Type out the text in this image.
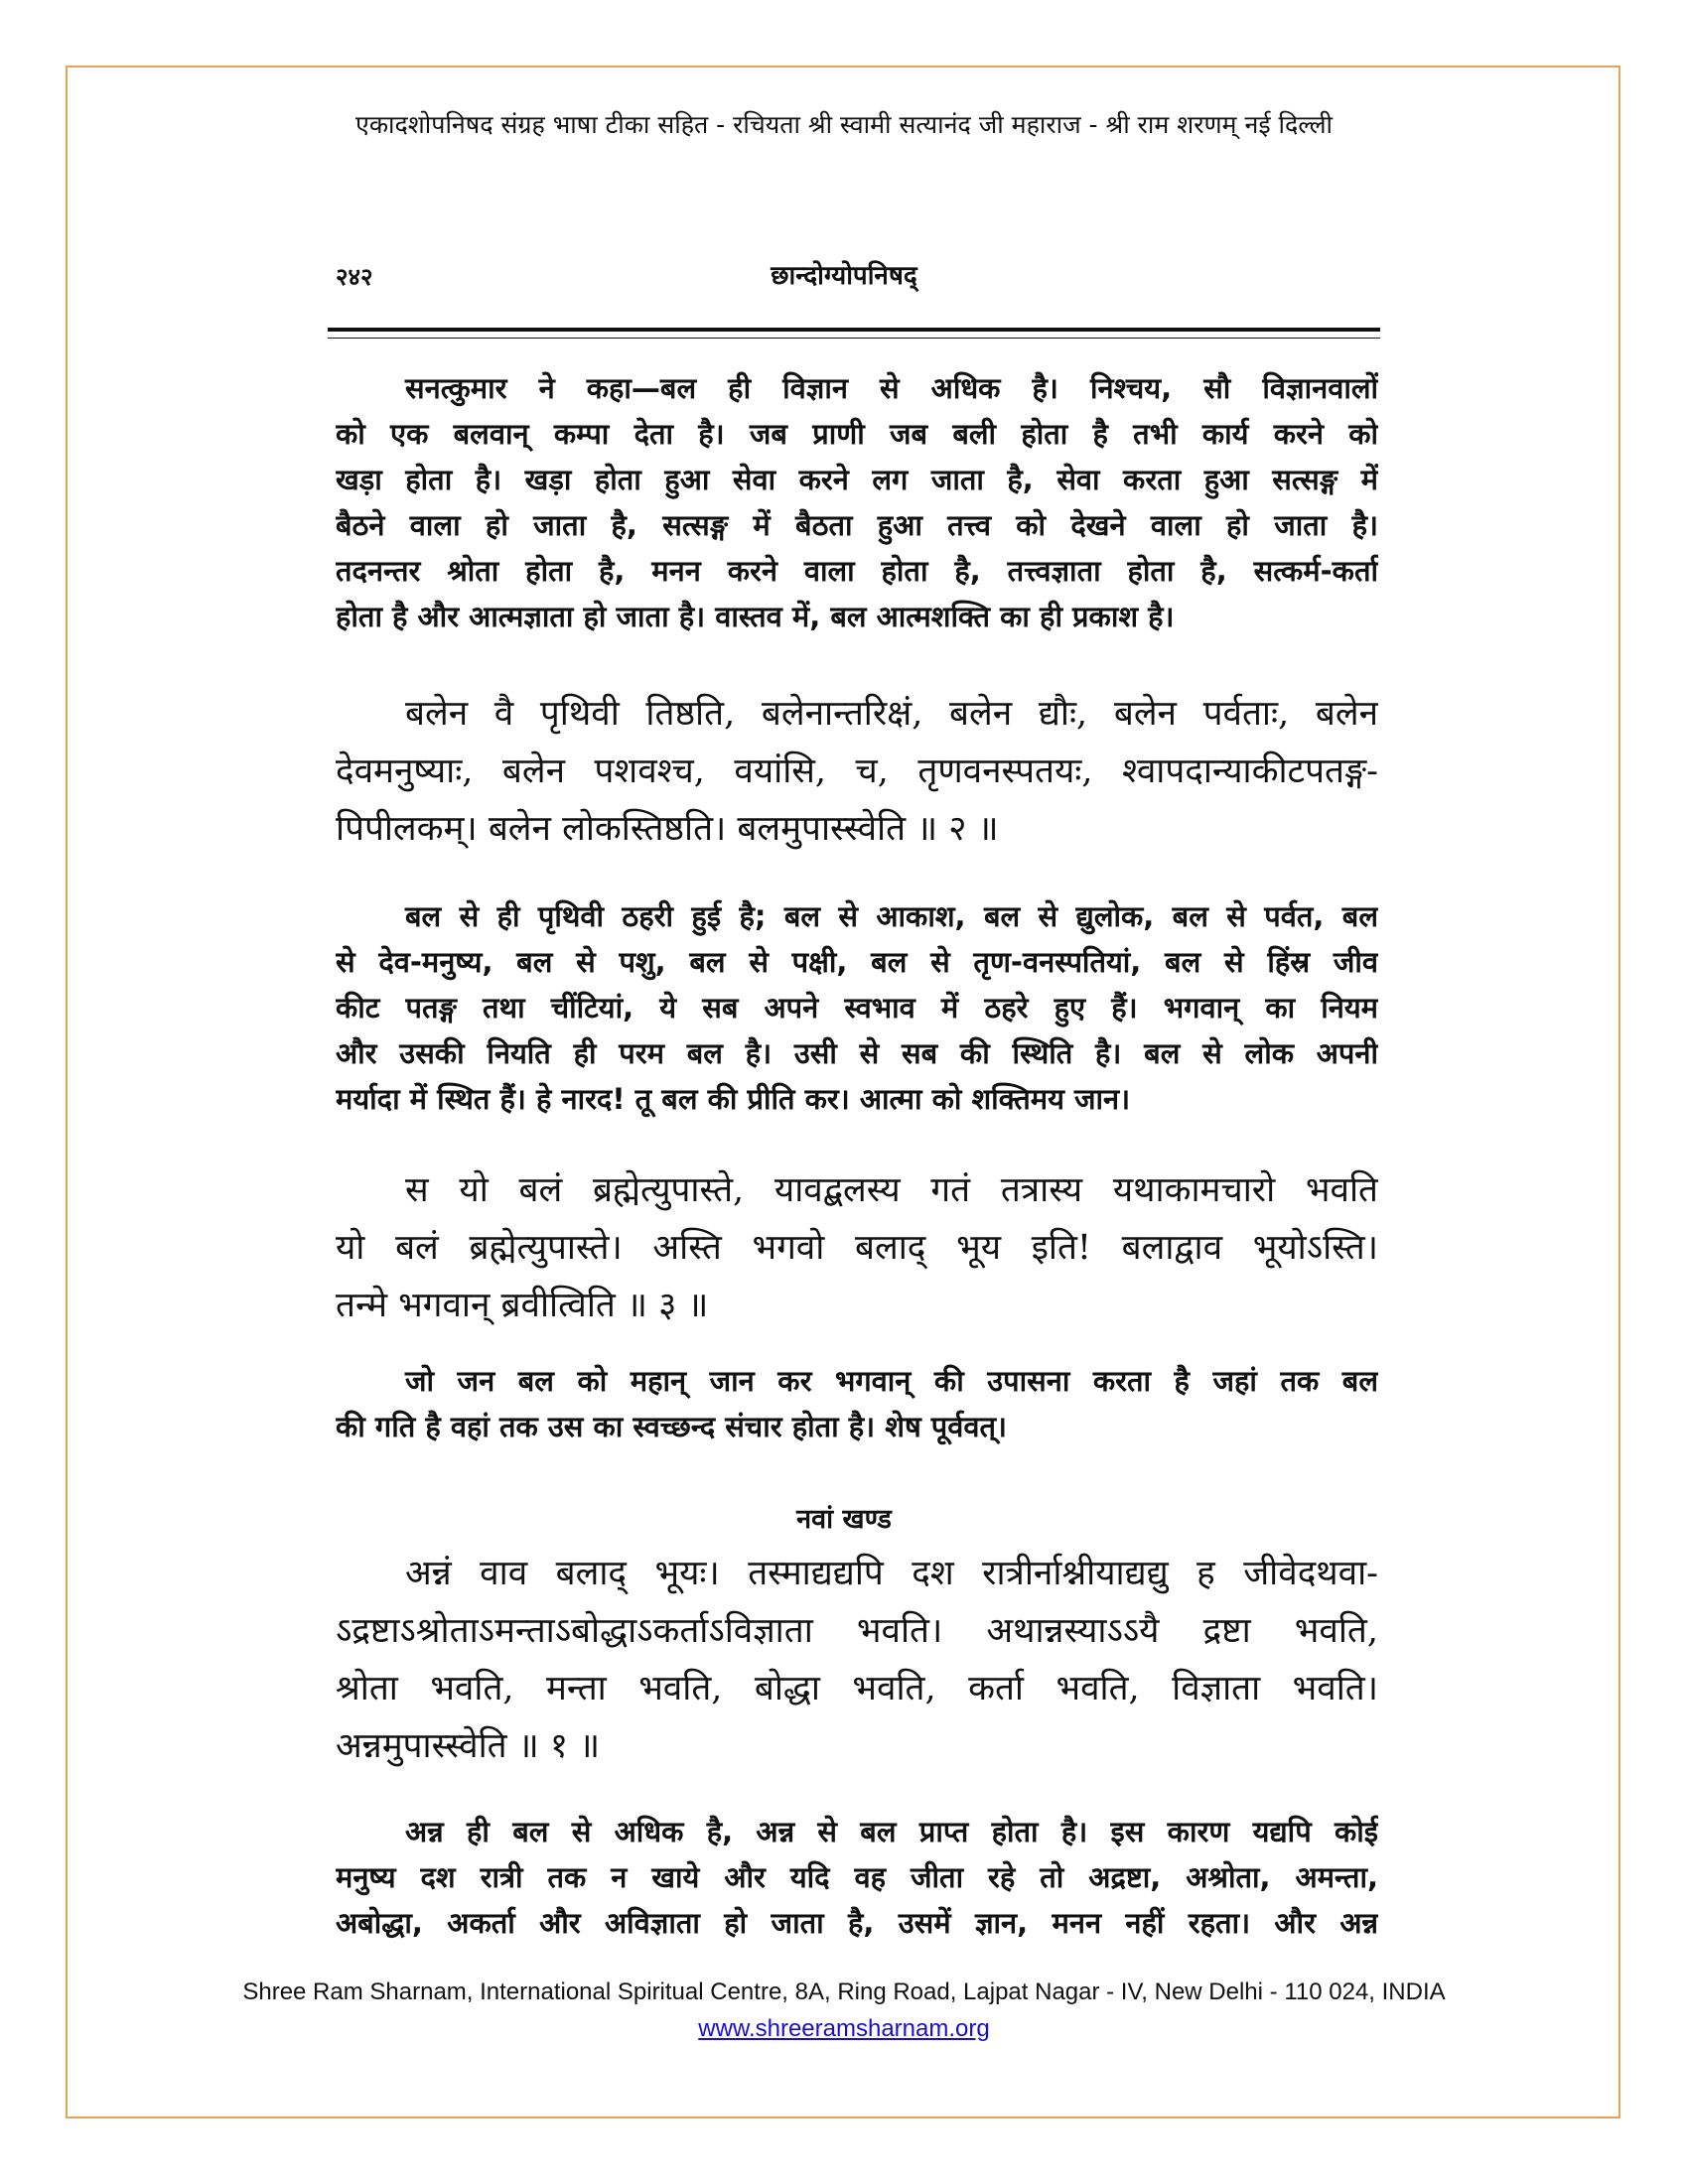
एकादशोपनिषद संग्रह भाषा टीका सहित - रचियता श्री स्वामी सत्यानंद जी महाराज - श्री राम शरणम् नई दिल्ली
२४२	छान्दोग्योपनिषद्
सनत्कुमार ने कहा—बल ही विज्ञान से अधिक है। निश्चय, सौ विज्ञानवालों
को एक बलवान् कम्पा देता है। जब प्राणी जब बली होता है तभी कार्य करने को
खड़ा होता है। खड़ा होता हुआ सेवा करने लग जाता है, सेवा करता हुआ सत्सङ्ग में
बैठने वाला हो जाता है, सत्सङ्ग में बैठता हुआ तत्त्व को देखने वाला हो जाता है।
तदनन्तर श्रोता होता है, मनन करने वाला होता है, तत्त्वज्ञाता होता है, सत्कर्म-कर्ता
होता है और आत्मज्ञाता हो जाता है। वास्तव में, बल आत्मशक्ति का ही प्रकाश है।
बलेन वै पृथिवी तिष्ठति, बलेनान्तरिक्षं, बलेन द्यौः, बलेन पर्वताः, बलेन
देवमनुष्याः, बलेन पशवश्च, वयांसि, च, तृणवनस्पतयः, श्वापदान्याकीटपतङ्ग-
पिपीलकम्। बलेन लोकस्तिष्ठति। बलमुपास्स्वेति ॥ २ ॥
बल से ही पृथिवी ठहरी हुई है; बल से आकाश, बल से द्युलोक, बल से पर्वत, बल
से देव-मनुष्य, बल से पशु, बल से पक्षी, बल से तृण-वनस्पतियां, बल से हिंस्र जीव
कीट पतङ्ग तथा चींटियां, ये सब अपने स्वभाव में ठहरे हुए हैं। भगवान् का नियम
और उसकी नियति ही परम बल है। उसी से सब की स्थिति है। बल से लोक अपनी
मर्यादा में स्थित हैं। हे नारद! तू बल की प्रीति कर। आत्मा को शक्तिमय जान।
स यो बलं ब्रह्मेत्युपास्ते, यावद्बलस्य गतं तत्रास्य यथाकामचारो भवति
यो बलं ब्रह्मेत्युपास्ते। अस्ति भगवो बलाद् भूय इति! बलाद्वाव भूयोऽस्ति।
तन्मे भगवान् ब्रवीत्विति ॥ ३ ॥
जो जन बल को महान् जान कर भगवान् की उपासना करता है जहां तक बल
की गति है वहां तक उस का स्वच्छन्द संचार होता है। शेष पूर्ववत्।
नवां खण्ड
अन्नं वाव बलाद् भूयः। तस्माद्यद्यपि दश रात्रीर्नाश्नीयाद्यद्यु ह जीवेदथवा-
ऽद्रष्टाऽश्रोताऽमन्ताऽबोद्धाऽकर्ताऽविज्ञाता भवति। अथान्नस्याऽऽयै द्रष्टा भवति,
श्रोता भवति, मन्ता भवति, बोद्धा भवति, कर्ता भवति, विज्ञाता भवति।
अन्नमुपास्स्वेति ॥ १ ॥
अन्न ही बल से अधिक है, अन्न से बल प्राप्त होता है। इस कारण यद्यपि कोई
मनुष्य दश रात्री तक न खाये और यदि वह जीता रहे तो अद्रष्टा, अश्रोता, अमन्ता,
अबोद्धा, अकर्ता और अविज्ञाता हो जाता है, उसमें ज्ञान, मनन नहीं रहता। और अन्न
Shree Ram Sharnam, International Spiritual Centre, 8A, Ring Road, Lajpat Nagar - IV, New Delhi - 110 024, INDIA
www.shreeramsharnam.org
